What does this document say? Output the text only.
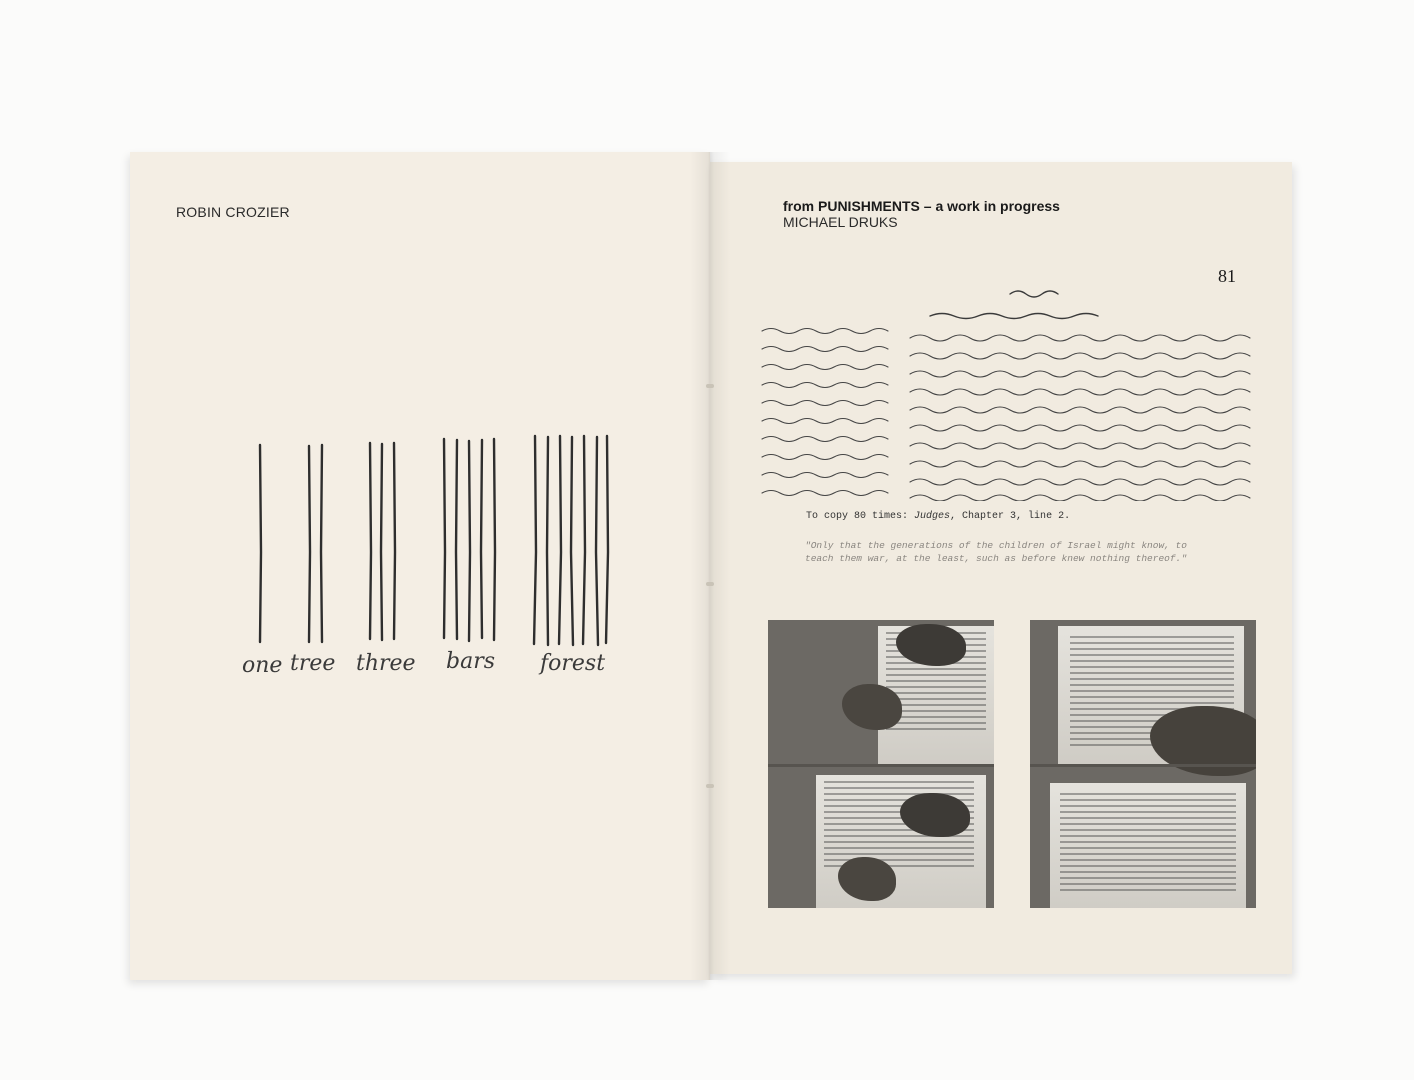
ROBIN CROZIER
one tree three bars forest
from PUNISHMENTS – a work in progress
MICHAEL DRUKS
81
To copy 80 times: Judges, Chapter 3, line 2.
"Only that the generations of the children of Israel might know, to teach them war, at the least, such as before knew nothing thereof."
